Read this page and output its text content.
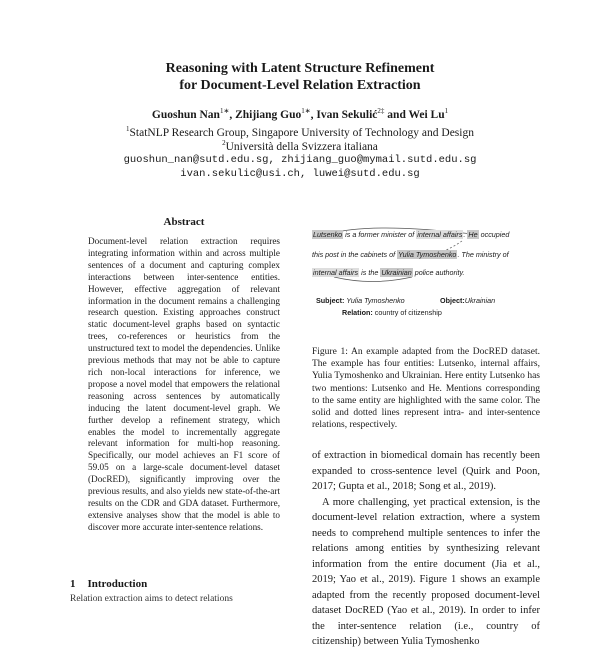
Reasoning with Latent Structure Refinement
for Document-Level Relation Extraction
Guoshun Nan$^{1∗}$, Zhijiang Guo$^{1∗}$, Ivan Sekulić$^{2\ddagger}$ and Wei Lu$^1$
$^1$StatNLP Research Group, Singapore University of Technology and Design
$^2$Università della Svizzera italiana
guoshun_nan@sutd.edu.sg, zhijiang_guo@mymail.sutd.edu.sg
ivan.sekulic@usi.ch, luwei@sutd.edu.sg
Abstract
Document-level relation extraction requires integrating information within and across multiple sentences of a document and capturing complex interactions between inter-sentence entities. However, effective aggregation of relevant information in the document remains a challenging research question. Existing approaches construct static document-level graphs based on syntactic trees, co-references or heuristics from the unstructured text to model the dependencies. Unlike previous methods that may not be able to capture rich non-local interactions for inference, we propose a novel model that empowers the relational reasoning across sentences by automatically inducing the latent document-level graph. We further develop a refinement strategy, which enables the model to incrementally aggregate relevant information for multi-hop reasoning. Specifically, our model achieves an F1 score of 59.05 on a large-scale document-level dataset (DocRED), significantly improving over the previous results, and also yields new state-of-the-art results on the CDR and GDA dataset. Furthermore, extensive analyses show that the model is able to discover more accurate inter-sentence relations.
1 Introduction
Relation extraction aims to detect relations
Lutsenko is a former minister of internal affairs. He occupied
this post in the cabinets of Yulia Tymoshenko. The ministry of
internal affairs is the Ukrainian police authority.
Subject: Yulia Tymoshenko	Object:Ukrainian
Relation: country of citizenship
Figure 1: An example adapted from the DocRED dataset. The example has four entities: Lutsenko, internal affairs, Yulia Tymoshenko and Ukrainian. Here entity Lutsenko has two mentions: Lutsenko and He. Mentions corresponding to the same entity are highlighted with the same color. The solid and dotted lines represent intra- and inter-sentence relations, respectively.

of extraction in biomedical domain has recently been expanded to cross-sentence level (Quirk and Poon, 2017; Gupta et al., 2018; Song et al., 2019).

A more challenging, yet practical extension, is the document-level relation extraction, where a system needs to comprehend multiple sentences to infer the relations among entities by synthesizing relevant information from the entire document (Jia et al., 2019; Yao et al., 2019). Figure 1 shows an example adapted from the recently proposed document-level dataset DocRED (Yao et al., 2019). In order to infer the inter-sentence relation (i.e., country of citizenship) between Yulia Tymoshenko
